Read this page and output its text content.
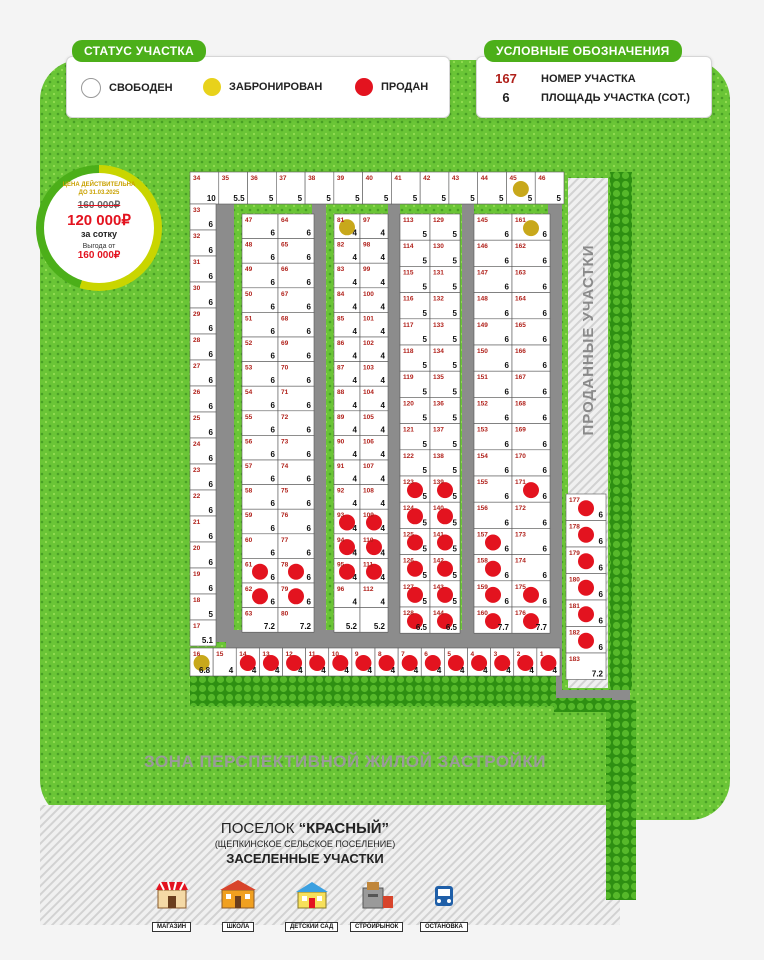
34
10
35
5.5
36
5
37
5
38
5
39
5
40
5
41
5
42
5
43
5
44
5
45
5
46
5
33
6
32
6
31
6
30
6
29
6
28
6
27
6
26
6
25
6
24
6
23
6
22
6
21
6
20
6
19
6
18
5
17
5.1
47
6
48
6
49
6
50
6
51
6
52
6
53
6
54
6
55
6
56
6
57
6
58
6
59
6
60
6
61
6
62
6
63
7.2
64
6
65
6
66
6
67
6
68
6
69
6
70
6
71
6
72
6
73
6
74
6
75
6
76
6
77
6
78
6
79
6
80
7.2
81
4
82
4
83
4
84
4
85
4
86
4
87
4
88
4
89
4
90
4
91
4
92
4
93
4
94
4
95
4
96
4
5.2
97
4
98
4
99
4
100
4
101
4
102
4
103
4
104
4
105
4
106
4
107
4
108
4
109
4
110
4
111
4
112
4
5.2
113
5
114
5
115
5
116
5
117
5
118
5
119
5
120
5
121
5
122
5
123
5
124
5
125
5
126
5
127
5
128
6.5
129
5
130
5
131
5
132
5
133
5
134
5
135
5
136
5
137
5
138
5
139
5
140
5
141
5
142
5
143
5
144
6.5
145
6
146
6
147
6
148
6
149
6
150
6
151
6
152
6
153
6
154
6
155
6
156
6
157
6
158
6
159
6
160
7.7
161
6
162
6
163
6
164
6
165
6
166
6
167
6
168
6
169
6
170
6
171
6
172
6
173
6
174
6
175
6
176
7.7
177
6
178
6
179
6
180
6
181
6
182
6
183
7.2
16
6.8
15
4
14
4
13
4
12
4
11
4
10
4
9
4
8
4
7
4
6
4
5
4
4
4
3
4
2
4
1
4
ПРОДАННЫЕ УЧАСТКИ
ЗОНА ПЕРСПЕКТИВНОЙ ЖИЛОЙ ЗАСТРОЙКИ
СВОБОДЕН	ЗАБРОНИРОВАН	ПРОДАН
СТАТУС УЧАСТКА
167	НОМЕР УЧАСТКА
6	ПЛОЩАДЬ УЧАСТКА (СОТ.)
УСЛОВНЫЕ ОБОЗНАЧЕНИЯ
ЦЕНА ДЕЙСТВИТЕЛЬНА ДО 31.03.2025
160 000₽
120 000₽
за сотку
Выгода от
160 000₽
ПОСЕЛОК “КРАСНЫЙ”
(ЩЕПКИНСКОЕ СЕЛЬСКОЕ ПОСЕЛЕНИЕ)
ЗАСЕЛЕННЫЕ УЧАСТКИ

МАГАЗИН	ШКОЛА	ДЕТСКИЙ САД	СТРОЙРЫНОК	ОСТАНОВКА
